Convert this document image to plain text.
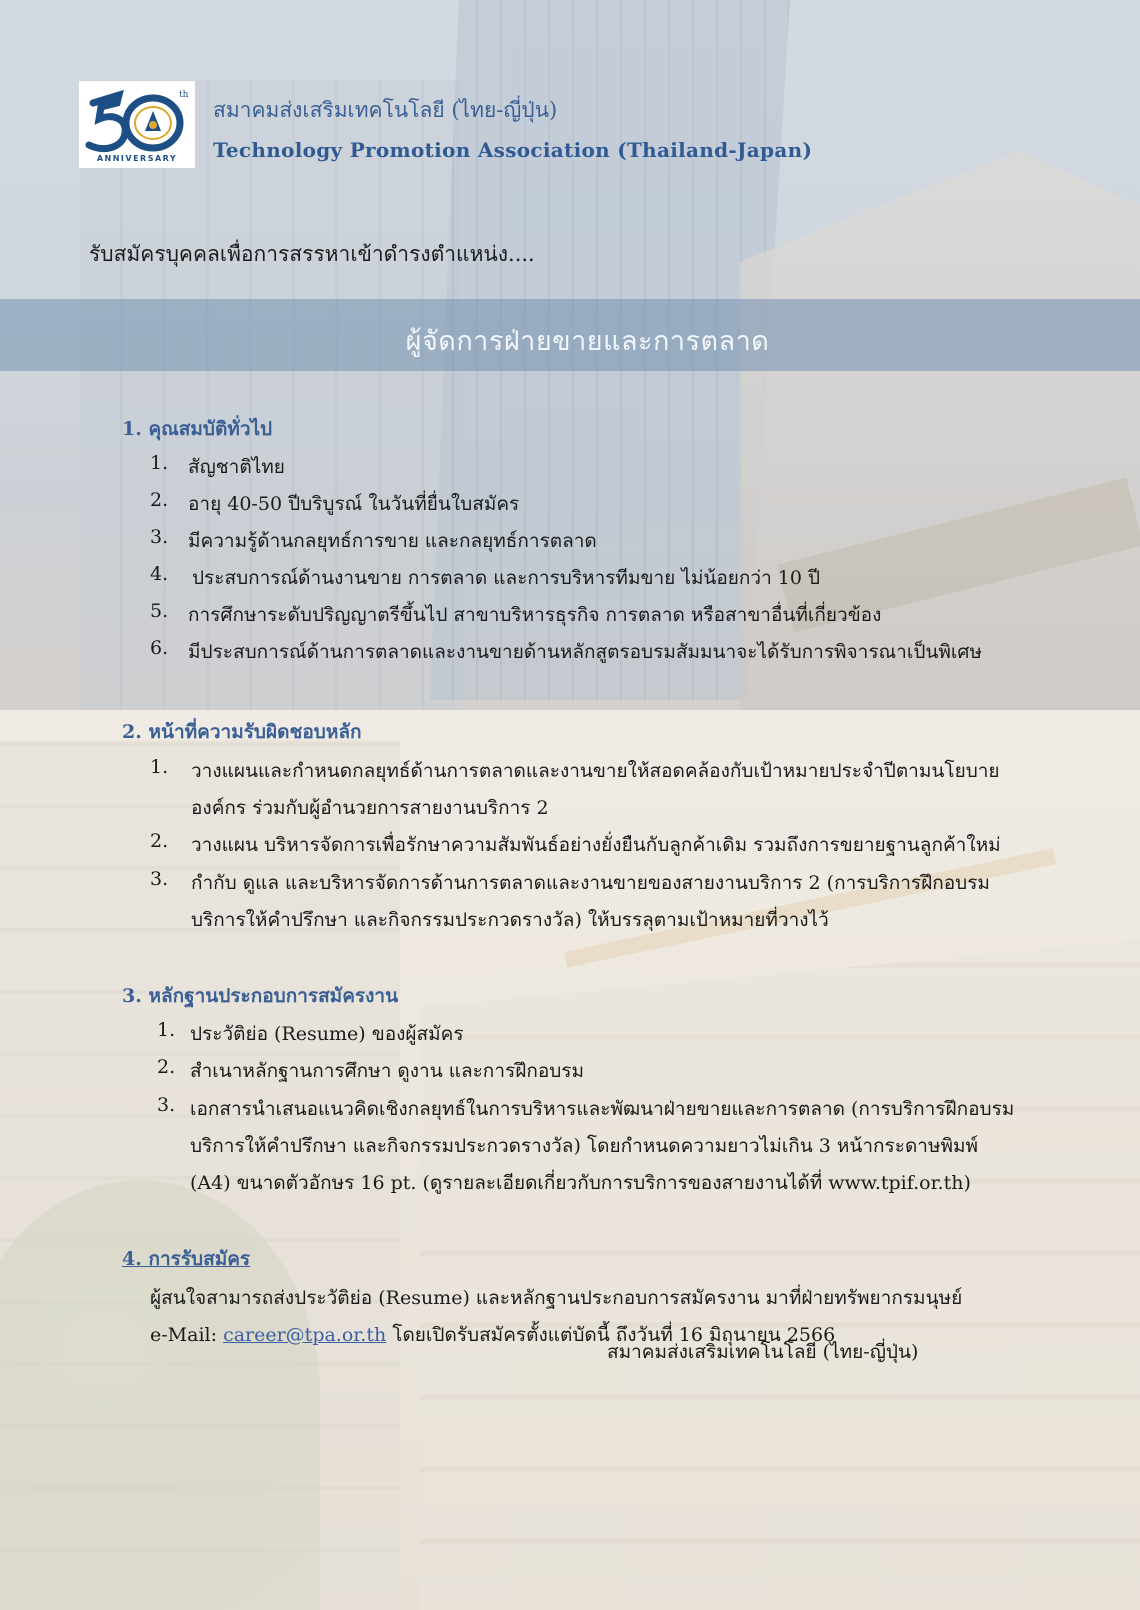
th
ANNIVERSARY
สมาคมส่งเสริมเทคโนโลยี (ไทย-ญี่ปุ่น)
Technology Promotion Association (Thailand-Japan)
รับสมัครบุคคลเพื่อการสรรหาเข้าดำรงตำแหน่ง....
ผู้จัดการฝ่ายขายและการตลาด
1. คุณสมบัติทั่วไป
1. สัญชาติไทย
2. อายุ 40-50 ปีบริบูรณ์ ในวันที่ยื่นใบสมัคร
3. มีความรู้ด้านกลยุทธ์การขาย และกลยุทธ์การตลาด
4. ประสบการณ์ด้านงานขาย การตลาด และการบริหารทีมขาย ไม่น้อยกว่า 10 ปี
5. การศึกษาระดับปริญญาตรีขึ้นไป สาขาบริหารธุรกิจ การตลาด หรือสาขาอื่นที่เกี่ยวข้อง
6. มีประสบการณ์ด้านการตลาดและงานขายด้านหลักสูตรอบรมสัมมนาจะได้รับการพิจารณาเป็นพิเศษ
2. หน้าที่ความรับผิดชอบหลัก
1. วางแผนและกำหนดกลยุทธ์ด้านการตลาดและงานขายให้สอดคล้องกับเป้าหมายประจำปีตามนโยบาย
องค์กร ร่วมกับผู้อำนวยการสายงานบริการ 2
2. วางแผน บริหารจัดการเพื่อรักษาความสัมพันธ์อย่างยั่งยืนกับลูกค้าเดิม รวมถึงการขยายฐานลูกค้าใหม่
3. กำกับ ดูแล และบริหารจัดการด้านการตลาดและงานขายของสายงานบริการ 2 (การบริการฝึกอบรม
บริการให้คำปรึกษา และกิจกรรมประกวดรางวัล) ให้บรรลุตามเป้าหมายที่วางไว้
3. หลักฐานประกอบการสมัครงาน
1. ประวัติย่อ (Resume) ของผู้สมัคร
2. สำเนาหลักฐานการศึกษา ดูงาน และการฝึกอบรม
3. เอกสารนำเสนอแนวคิดเชิงกลยุทธ์ในการบริหารและพัฒนาฝ่ายขายและการตลาด (การบริการฝึกอบรม
บริการให้คำปรึกษา และกิจกรรมประกวดรางวัล) โดยกำหนดความยาวไม่เกิน 3 หน้ากระดาษพิมพ์
(A4) ขนาดตัวอักษร 16 pt. (ดูรายละเอียดเกี่ยวกับการบริการของสายงานได้ที่ www.tpif.or.th)
4. การรับสมัคร
ผู้สนใจสามารถส่งประวัติย่อ (Resume) และหลักฐานประกอบการสมัครงาน มาที่ฝ่ายทรัพยากรมนุษย์
e-Mail: career@tpa.or.th โดยเปิดรับสมัครตั้งแต่บัดนี้ ถึงวันที่ 16 มิถุนายน 2566
สมาคมส่งเสริมเทคโนโลยี (ไทย-ญี่ปุ่น)
